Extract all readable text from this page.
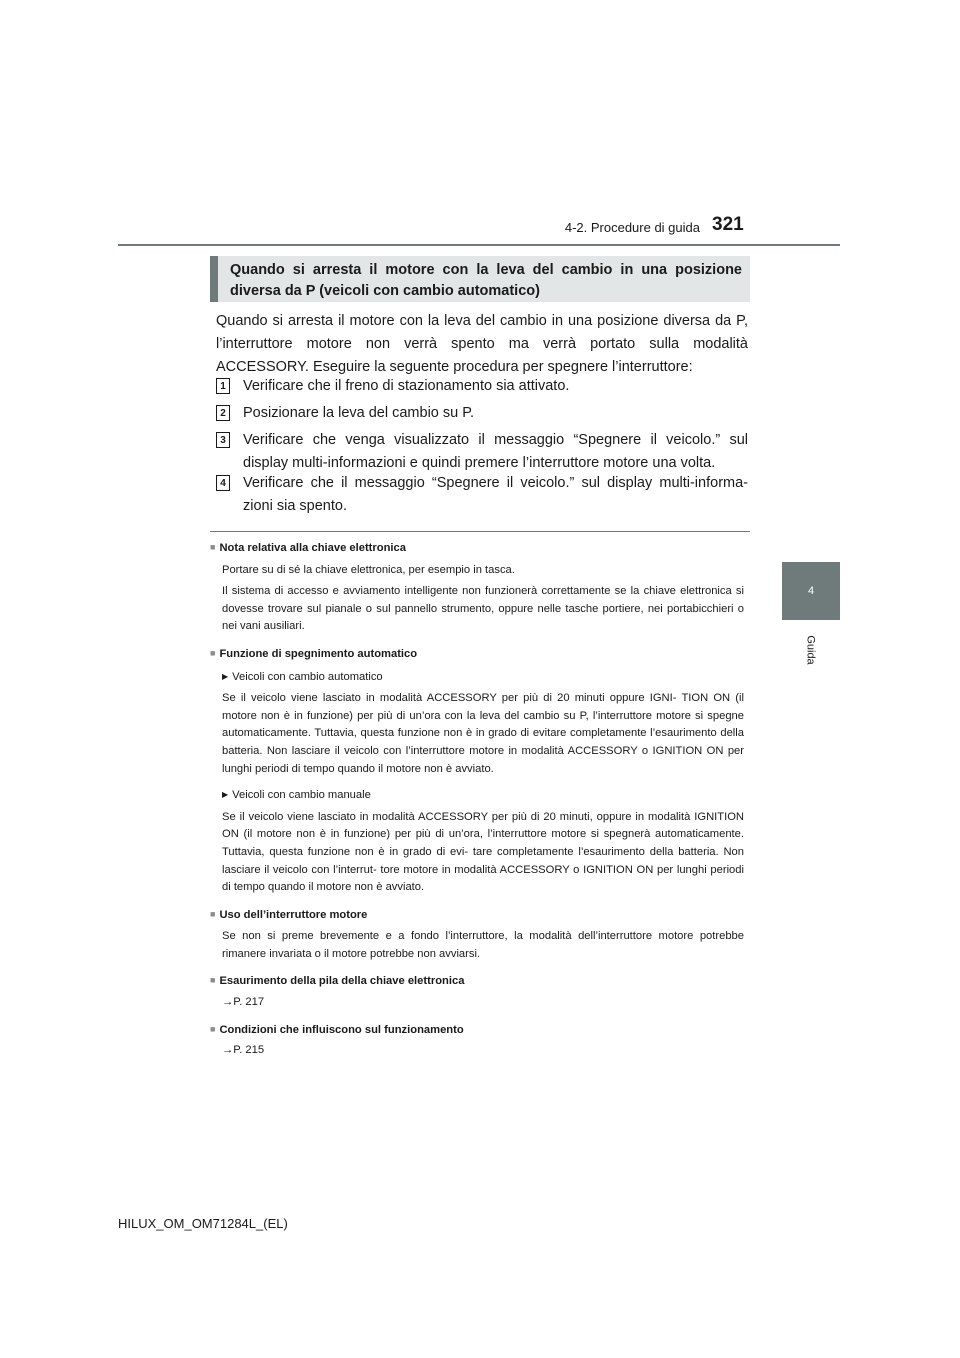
4-2. Procedure di guida 321
4
Guida
Quando si arresta il motore con la leva del cambio in una posizione diversa da P (veicoli con cambio automatico)
Quando si arresta il motore con la leva del cambio in una posizione diversa da P, l’interruttore motore non verrà spento ma verrà portato sulla modalità ACCESSORY. Eseguire la seguente procedura per spegnere l’interruttore:
1 Verificare che il freno di stazionamento sia attivato.
2 Posizionare la leva del cambio su P.
3 Verificare che venga visualizzato il messaggio “Spegnere il veicolo.” sul display multi-informazioni e quindi premere l’interruttore motore una volta.
4 Verificare che il messaggio “Spegnere il veicolo.” sul display multi-informa- zioni sia spento.

■ Nota relativa alla chiave elettronica

Portare su di sé la chiave elettronica, per esempio in tasca.

Il sistema di accesso e avviamento intelligente non funzionerà correttamente se la chiave elettronica si dovesse trovare sul pianale o sul pannello strumento, oppure nelle tasche portiere, nei portabicchieri o nei vani ausiliari.

■ Funzione di spegnimento automatico

▶ Veicoli con cambio automatico

Se il veicolo viene lasciato in modalità ACCESSORY per più di 20 minuti oppure IGNI- TION ON (il motore non è in funzione) per più di un’ora con la leva del cambio su P, l’interruttore motore si spegne automaticamente. Tuttavia, questa funzione non è in grado di evitare completamente l’esaurimento della batteria. Non lasciare il veicolo con l’interruttore motore in modalità ACCESSORY o IGNITION ON per lunghi periodi di tempo quando il motore non è avviato.

▶ Veicoli con cambio manuale

Se il veicolo viene lasciato in modalità ACCESSORY per più di 20 minuti, oppure in modalità IGNITION ON (il motore non è in funzione) per più di un’ora, l’interruttore motore si spegnerà automaticamente. Tuttavia, questa funzione non è in grado di evi- tare completamente l’esaurimento della batteria. Non lasciare il veicolo con l’interrut- tore motore in modalità ACCESSORY o IGNITION ON per lunghi periodi di tempo quando il motore non è avviato.

■ Uso dell’interruttore motore

Se non si preme brevemente e a fondo l’interruttore, la modalità dell’interruttore motore potrebbe rimanere invariata o il motore potrebbe non avviarsi.

■ Esaurimento della pila della chiave elettronica

→P. 217

■ Condizioni che influiscono sul funzionamento

→P. 215

HILUX_OM_OM71284L_(EL)
